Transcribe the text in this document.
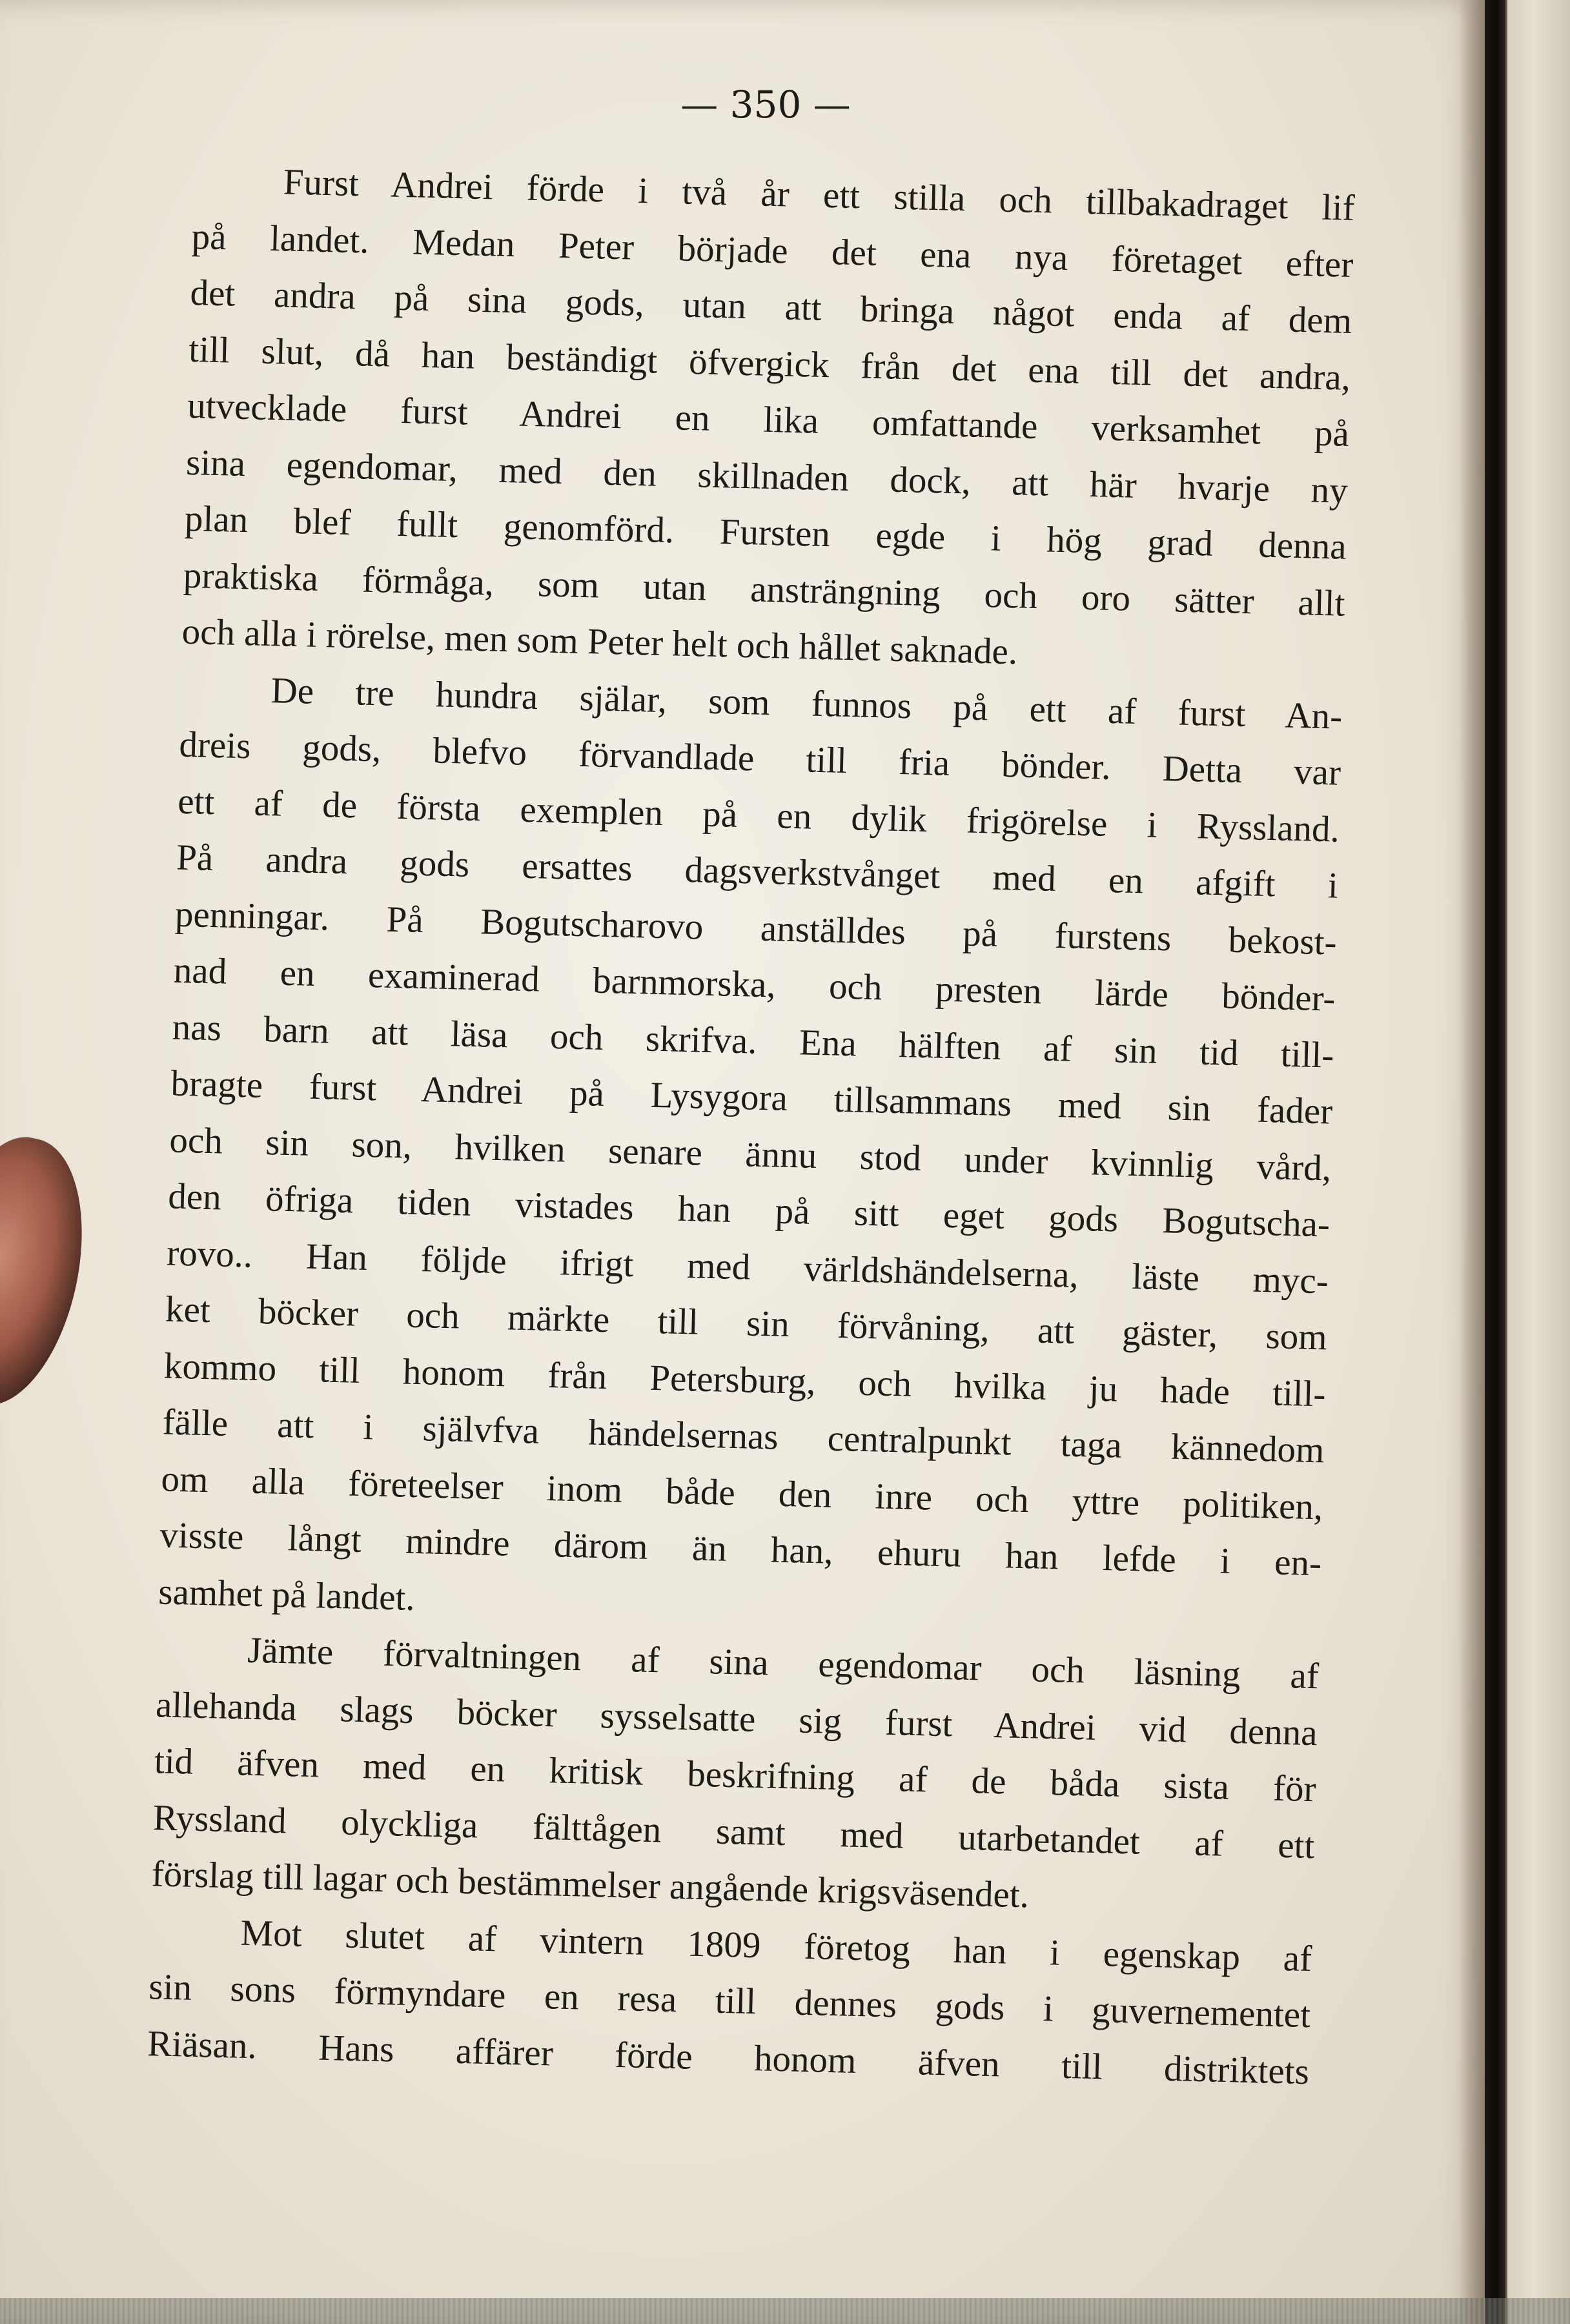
— 350 —
Furst Andrei förde i två år ett stilla och tillbakadraget lif
på landet. Medan Peter började det ena nya företaget efter
det andra på sina gods, utan att bringa något enda af dem
till slut, då han beständigt öfvergick från det ena till det andra,
utvecklade furst Andrei en lika omfattande verksamhet på
sina egendomar, med den skillnaden dock, att här hvarje ny
plan blef fullt genomförd. Fursten egde i hög grad denna
praktiska förmåga, som utan ansträngning och oro sätter allt
och alla i rörelse, men som Peter helt och hållet saknade.
De tre hundra själar, som funnos på ett af furst An-
dreis gods, blefvo förvandlade till fria bönder. Detta var
ett af de första exemplen på en dylik frigörelse i Ryssland.
På andra gods ersattes dagsverkstvånget med en afgift i
penningar. På Bogutscharovo anställdes på furstens bekost-
nad en examinerad barnmorska, och presten lärde bönder-
nas barn att läsa och skrifva. Ena hälften af sin tid till-
bragte furst Andrei på Lysygora tillsammans med sin fader
och sin son, hvilken senare ännu stod under kvinnlig vård,
den öfriga tiden vistades han på sitt eget gods Bogutscha-
rovo.. Han följde ifrigt med världshändelserna, läste myc-
ket böcker och märkte till sin förvåning, att gäster, som
kommo till honom från Petersburg, och hvilka ju hade till-
fälle att i självfva händelsernas centralpunkt taga kännedom
om alla företeelser inom både den inre och yttre politiken,
visste långt mindre därom än han, ehuru han lefde i en-
samhet på landet.
Jämte förvaltningen af sina egendomar och läsning af
allehanda slags böcker sysselsatte sig furst Andrei vid denna
tid äfven med en kritisk beskrifning af de båda sista för
Ryssland olyckliga fälttågen samt med utarbetandet af ett
förslag till lagar och bestämmelser angående krigsväsendet.
Mot slutet af vintern 1809 företog han i egenskap af
sin sons förmyndare en resa till dennes gods i guvernementet
Riäsan. Hans affärer förde honom äfven till distriktets
